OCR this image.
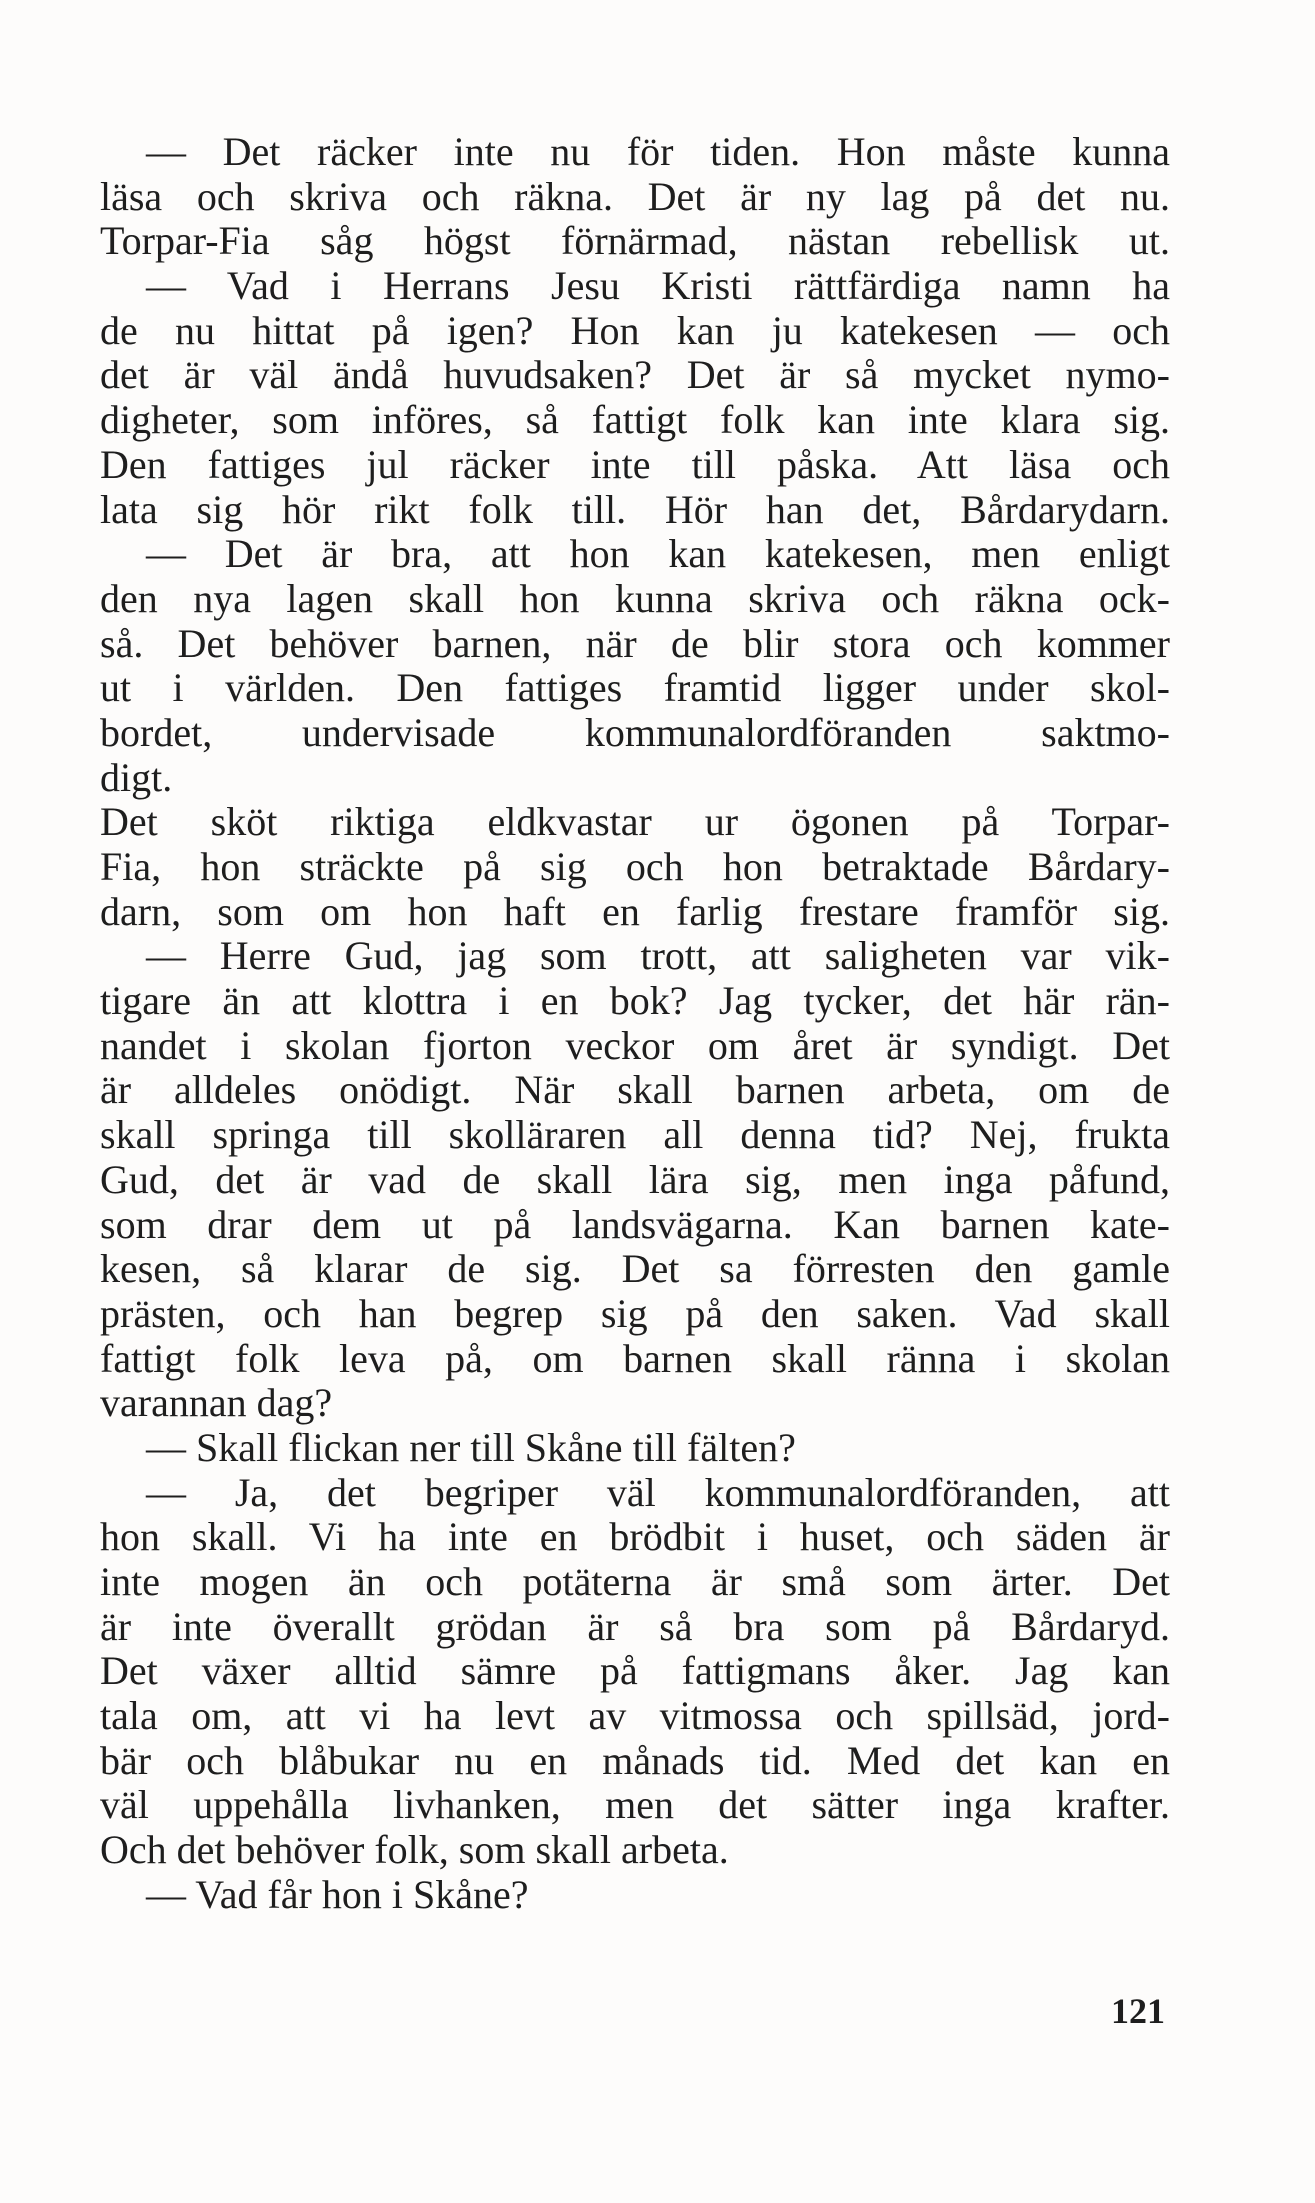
— Det räcker inte nu för tiden. Hon måste kunna
läsa och skriva och räkna. Det är ny lag på det nu.
Torpar-Fia såg högst förnärmad, nästan rebellisk ut.
— Vad i Herrans Jesu Kristi rättfärdiga namn ha
de nu hittat på igen? Hon kan ju katekesen — och
det är väl ändå huvudsaken? Det är så mycket nymo-
digheter, som införes, så fattigt folk kan inte klara sig.
Den fattiges jul räcker inte till påska. Att läsa och
lata sig hör rikt folk till. Hör han det, Bårdarydarn.
— Det är bra, att hon kan katekesen, men enligt
den nya lagen skall hon kunna skriva och räkna ock-
så. Det behöver barnen, när de blir stora och kommer
ut i världen. Den fattiges framtid ligger under skol-
bordet, undervisade kommunalordföranden saktmo-
digt.
Det sköt riktiga eldkvastar ur ögonen på Torpar-
Fia, hon sträckte på sig och hon betraktade Bårdary-
darn, som om hon haft en farlig frestare framför sig.
— Herre Gud, jag som trott, att saligheten var vik-
tigare än att klottra i en bok? Jag tycker, det här rän-
nandet i skolan fjorton veckor om året är syndigt. Det
är alldeles onödigt. När skall barnen arbeta, om de
skall springa till skolläraren all denna tid? Nej, frukta
Gud, det är vad de skall lära sig, men inga påfund,
som drar dem ut på landsvägarna. Kan barnen kate-
kesen, så klarar de sig. Det sa förresten den gamle
prästen, och han begrep sig på den saken. Vad skall
fattigt folk leva på, om barnen skall ränna i skolan
varannan dag?
— Skall flickan ner till Skåne till fälten?
— Ja, det begriper väl kommunalordföranden, att
hon skall. Vi ha inte en brödbit i huset, och säden är
inte mogen än och potäterna är små som ärter. Det
är inte överallt grödan är så bra som på Bårdaryd.
Det växer alltid sämre på fattigmans åker. Jag kan
tala om, att vi ha levt av vitmossa och spillsäd, jord-
bär och blåbukar nu en månads tid. Med det kan en
väl uppehålla livhanken, men det sätter inga krafter.
Och det behöver folk, som skall arbeta.
— Vad får hon i Skåne?
121
